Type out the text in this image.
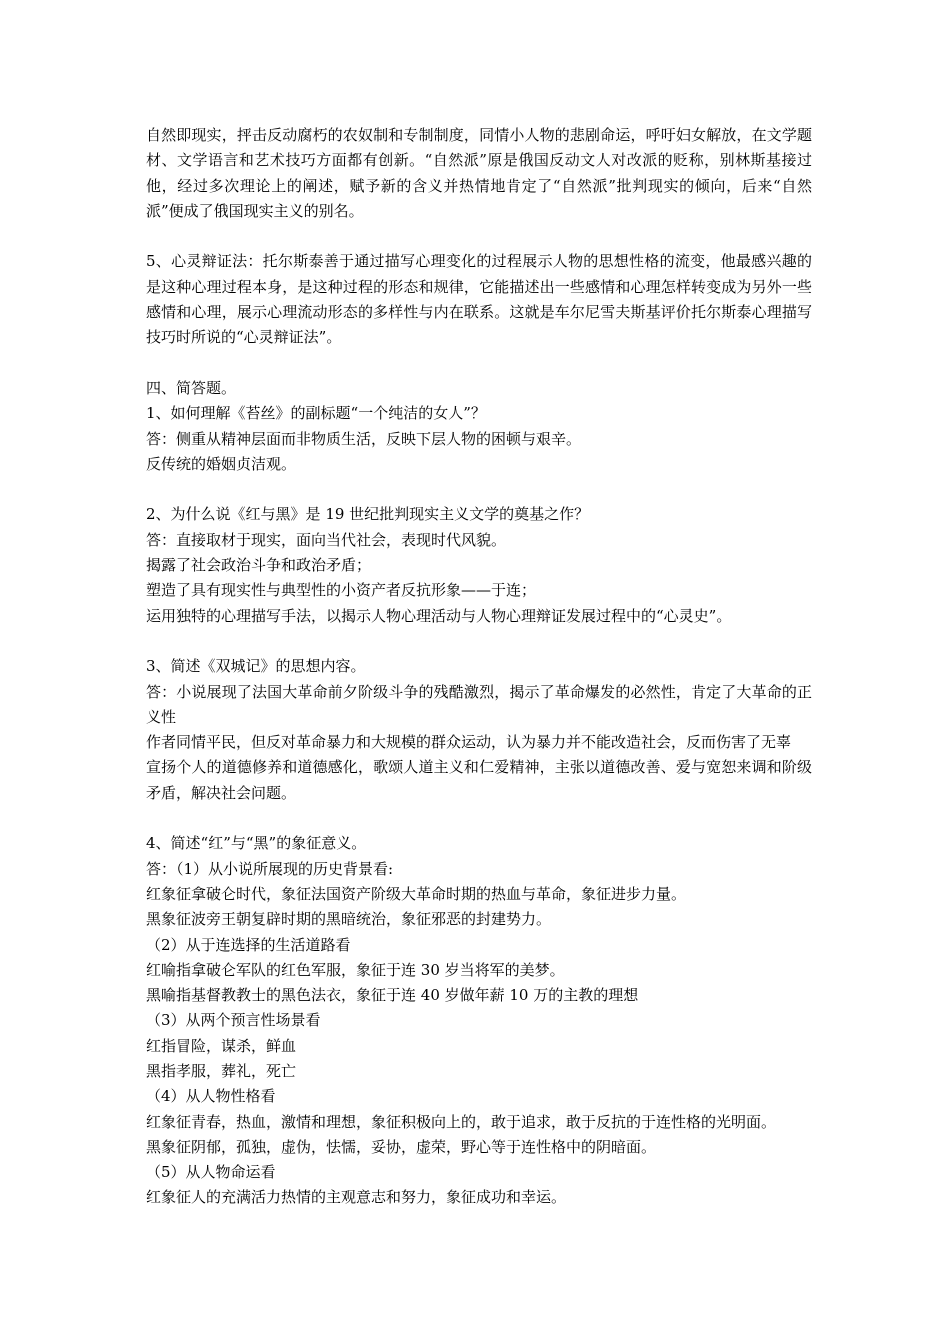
自然即现实，抨击反动腐朽的农奴制和专制制度，同情小人物的悲剧命运，呼吁妇女解放，在文学题材、文学语言和艺术技巧方面都有创新。“自然派”原是俄国反动文人对改派的贬称，别林斯基接过他，经过多次理论上的阐述，赋予新的含义并热情地肯定了“自然派”批判现实的倾向，后来“自然派”便成了俄国现实主义的别名。

5、心灵辩证法：托尔斯泰善于通过描写心理变化的过程展示人物的思想性格的流变，他最感兴趣的是这种心理过程本身，是这种过程的形态和规律，它能描述出一些感情和心理怎样转变成为另外一些感情和心理，展示心理流动形态的多样性与内在联系。这就是车尔尼雪夫斯基评价托尔斯泰心理描写技巧时所说的“心灵辩证法”。

四、简答题。

1、如何理解《苔丝》的副标题“一个纯洁的女人”？

答：侧重从精神层面而非物质生活，反映下层人物的困顿与艰辛。

反传统的婚姻贞洁观。

2、为什么说《红与黑》是 19 世纪批判现实主义文学的奠基之作？

答：直接取材于现实，面向当代社会，表现时代风貌。

揭露了社会政治斗争和政治矛盾；

塑造了具有现实性与典型性的小资产者反抗形象——于连；

运用独特的心理描写手法，以揭示人物心理活动与人物心理辩证发展过程中的“心灵史”。

3、简述《双城记》的思想内容。

答：小说展现了法国大革命前夕阶级斗争的残酷激烈，揭示了革命爆发的必然性，肯定了大革命的正义性

作者同情平民，但反对革命暴力和大规模的群众运动，认为暴力并不能改造社会，反而伤害了无辜

宣扬个人的道德修养和道德感化，歌颂人道主义和仁爱精神，主张以道德改善、爱与宽恕来调和阶级矛盾，解决社会问题。

4、简述“红”与“黑”的象征意义。

答：（1）从小说所展现的历史背景看:

红象征拿破仑时代，象征法国资产阶级大革命时期的热血与革命，象征进步力量。

黑象征波旁王朝复辟时期的黑暗统治，象征邪恶的封建势力。

（2）从于连选择的生活道路看

红喻指拿破仑军队的红色军服，象征于连 30 岁当将军的美梦。

黑喻指基督教教士的黑色法衣，象征于连 40 岁做年薪 10 万的主教的理想

（3）从两个预言性场景看

红指冒险，谋杀，鲜血

黑指孝服，葬礼，死亡

（4）从人物性格看

红象征青春，热血，激情和理想，象征积极向上的，敢于追求，敢于反抗的于连性格的光明面。

黑象征阴郁，孤独，虚伪，怯懦，妥协，虚荣，野心等于连性格中的阴暗面。

（5）从人物命运看

红象征人的充满活力热情的主观意志和努力，象征成功和幸运。
